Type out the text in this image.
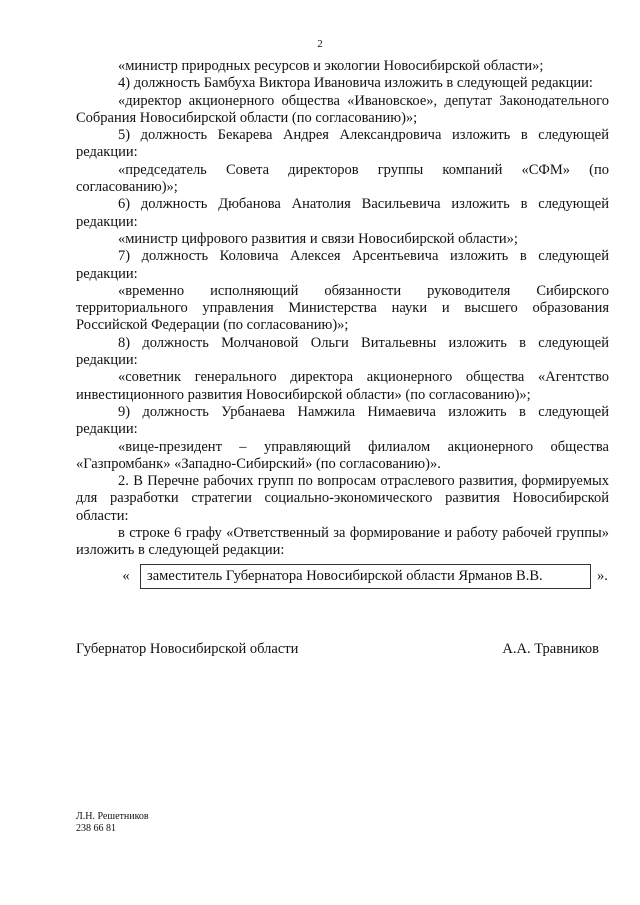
2

«министр природных ресурсов и экологии Новосибирской области»;

4) должность Бамбуха Виктора Ивановича изложить в следующей редакции:

«директор акционерного общества «Ивановское», депутат Законодательного Собрания Новосибирской области (по согласованию)»;

5) должность Бекарева Андрея Александровича изложить в следующей редакции:

«председатель Совета директоров группы компаний «СФМ» (по согласованию)»;

6) должность Дюбанова Анатолия Васильевича изложить в следующей редакции:

«министр цифрового развития и связи Новосибирской области»;

7) должность Коловича Алексея Арсентьевича изложить в следующей редакции:

«временно исполняющий обязанности руководителя Сибирского территориального управления Министерства науки и высшего образования Российской Федерации (по согласованию)»;

8) должность Молчановой Ольги Витальевны изложить в следующей редакции:

«советник генерального директора акционерного общества «Агентство инвестиционного развития Новосибирской области» (по согласованию)»;

9) должность Урбанаева Намжила Нимаевича изложить в следующей редакции:

«вице-президент – управляющий филиалом акционерного общества «Газпромбанк» «Западно-Сибирский» (по согласованию)».

2. В Перечне рабочих групп по вопросам отраслевого развития, формируемых для разработки стратегии социально-экономического развития Новосибирской области:

в строке 6 графу «Ответственный за формирование и работу рабочей группы» изложить в следующей редакции:

«	заместитель Губернатора Новосибирской области Ярманов В.В.	».
Губернатор Новосибирской области	А.А. Травников
Л.Н. Решетников
238 66 81
